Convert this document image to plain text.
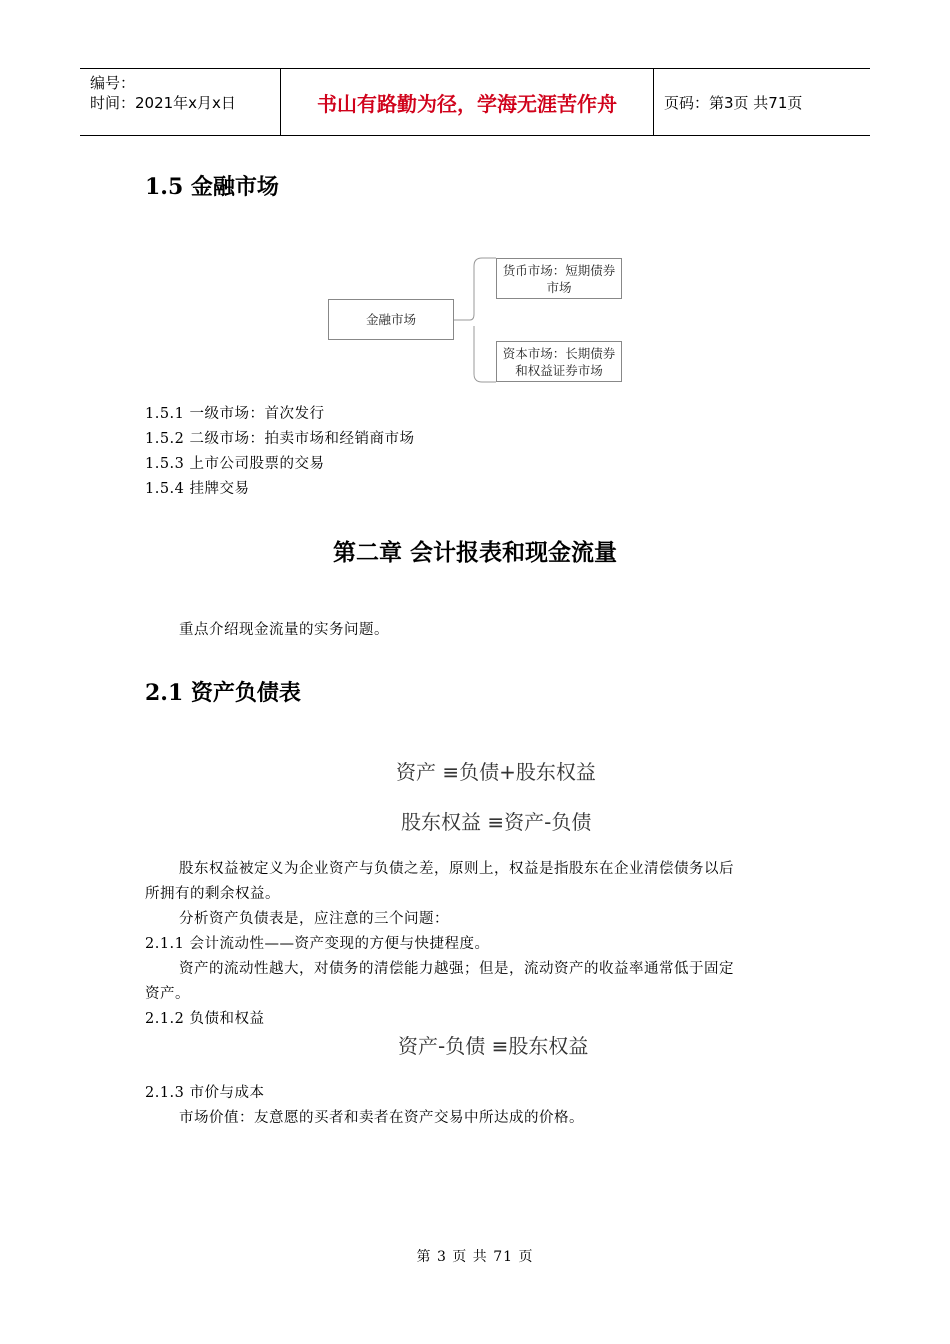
编号：
时间：2021年x月x日	书山有路勤为径，学海无涯苦作舟	页码：第3页 共71页
1.5 金融市场
金融市场
货币市场：短期债券
市场
资本市场：长期债券
和权益证券市场
1.5.1 一级市场：首次发行
1.5.2 二级市场：拍卖市场和经销商市场
1.5.3 上市公司股票的交易
1.5.4 挂牌交易
第二章 会计报表和现金流量
重点介绍现金流量的实务问题。
2.1 资产负债表
资产 ≡负债+股东权益
股东权益 ≡资产-负债
股东权益被定义为企业资产与负债之差，原则上，权益是指股东在企业清偿债务以后
所拥有的剩余权益。
分析资产负债表是，应注意的三个问题：
2.1.1 会计流动性——资产变现的方便与快捷程度。
资产的流动性越大，对债务的清偿能力越强；但是，流动资产的收益率通常低于固定
资产。
2.1.2 负债和权益
资产-负债 ≡股东权益
2.1.3 市价与成本
市场价值：友意愿的买者和卖者在资产交易中所达成的价格。
第 3 页 共 71 页
